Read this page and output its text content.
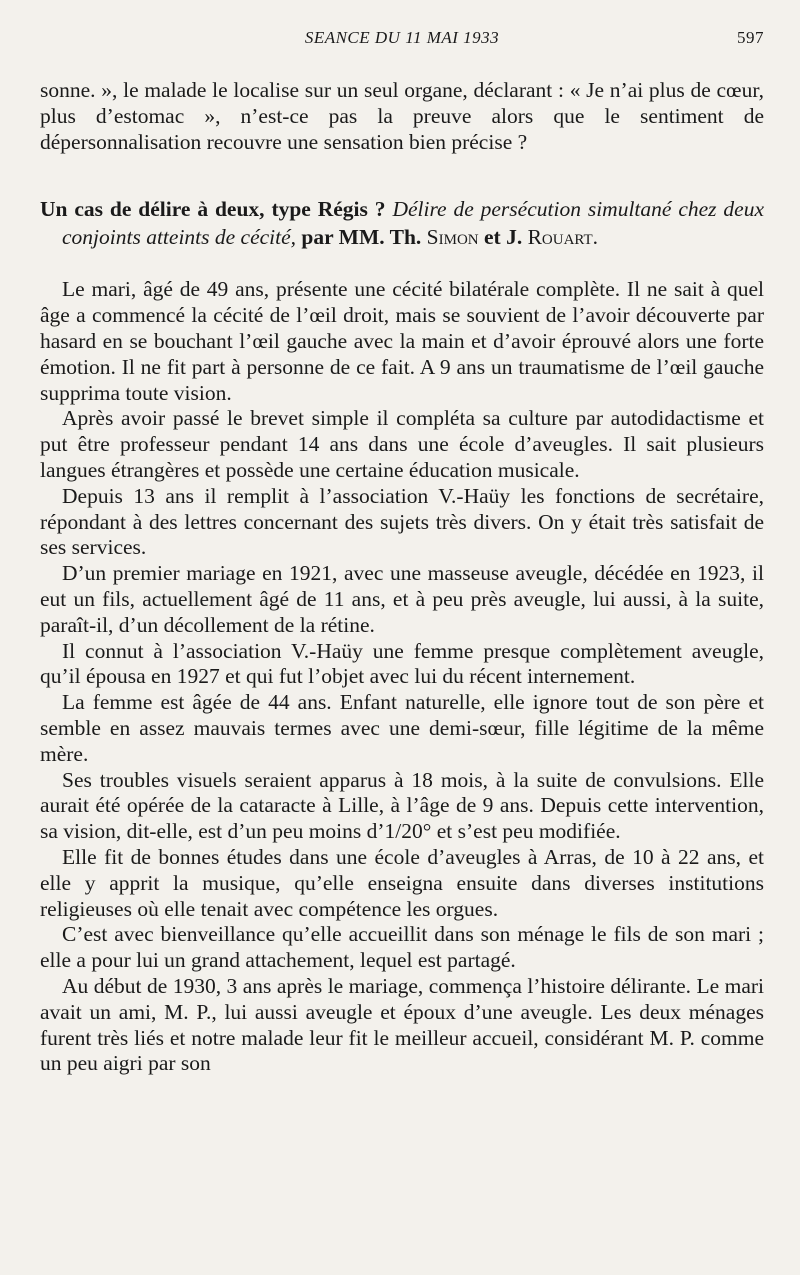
SEANCE DU 11 MAI 1933	597

sonne. », le malade le localise sur un seul organe, déclarant : « Je n’ai plus de cœur, plus d’estomac », n’est-ce pas la preuve alors que le sentiment de dépersonnalisation recouvre une sensation bien précise ?

Un cas de délire à deux, type Régis ? Délire de persécution simultané chez deux conjoints atteints de cécité, par MM. Th. Simon et J. Rouart.

Le mari, âgé de 49 ans, présente une cécité bilatérale complète. Il ne sait à quel âge a commencé la cécité de l’œil droit, mais se souvient de l’avoir découverte par hasard en se bouchant l’œil gauche avec la main et d’avoir éprouvé alors une forte émotion. Il ne fit part à personne de ce fait. A 9 ans un traumatisme de l’œil gauche supprima toute vision.

Après avoir passé le brevet simple il compléta sa culture par autodidactisme et put être professeur pendant 14 ans dans une école d’aveugles. Il sait plusieurs langues étrangères et possède une certaine éducation musicale.

Depuis 13 ans il remplit à l’association V.-Haüy les fonctions de secrétaire, répondant à des lettres concernant des sujets très divers. On y était très satisfait de ses services.

D’un premier mariage en 1921, avec une masseuse aveugle, décédée en 1923, il eut un fils, actuellement âgé de 11 ans, et à peu près aveugle, lui aussi, à la suite, paraît-il, d’un décollement de la rétine.

Il connut à l’association V.-Haüy une femme presque complètement aveugle, qu’il épousa en 1927 et qui fut l’objet avec lui du récent internement.

La femme est âgée de 44 ans. Enfant naturelle, elle ignore tout de son père et semble en assez mauvais termes avec une demi-sœur, fille légitime de la même mère.

Ses troubles visuels seraient apparus à 18 mois, à la suite de convulsions. Elle aurait été opérée de la cataracte à Lille, à l’âge de 9 ans. Depuis cette intervention, sa vision, dit-elle, est d’un peu moins d’1/20° et s’est peu modifiée.

Elle fit de bonnes études dans une école d’aveugles à Arras, de 10 à 22 ans, et elle y apprit la musique, qu’elle enseigna ensuite dans diverses institutions religieuses où elle tenait avec compétence les orgues.

C’est avec bienveillance qu’elle accueillit dans son ménage le fils de son mari ; elle a pour lui un grand attachement, lequel est partagé.

Au début de 1930, 3 ans après le mariage, commença l’histoire délirante. Le mari avait un ami, M. P., lui aussi aveugle et époux d’une aveugle. Les deux ménages furent très liés et notre malade leur fit le meilleur accueil, considérant M. P. comme un peu aigri par son
